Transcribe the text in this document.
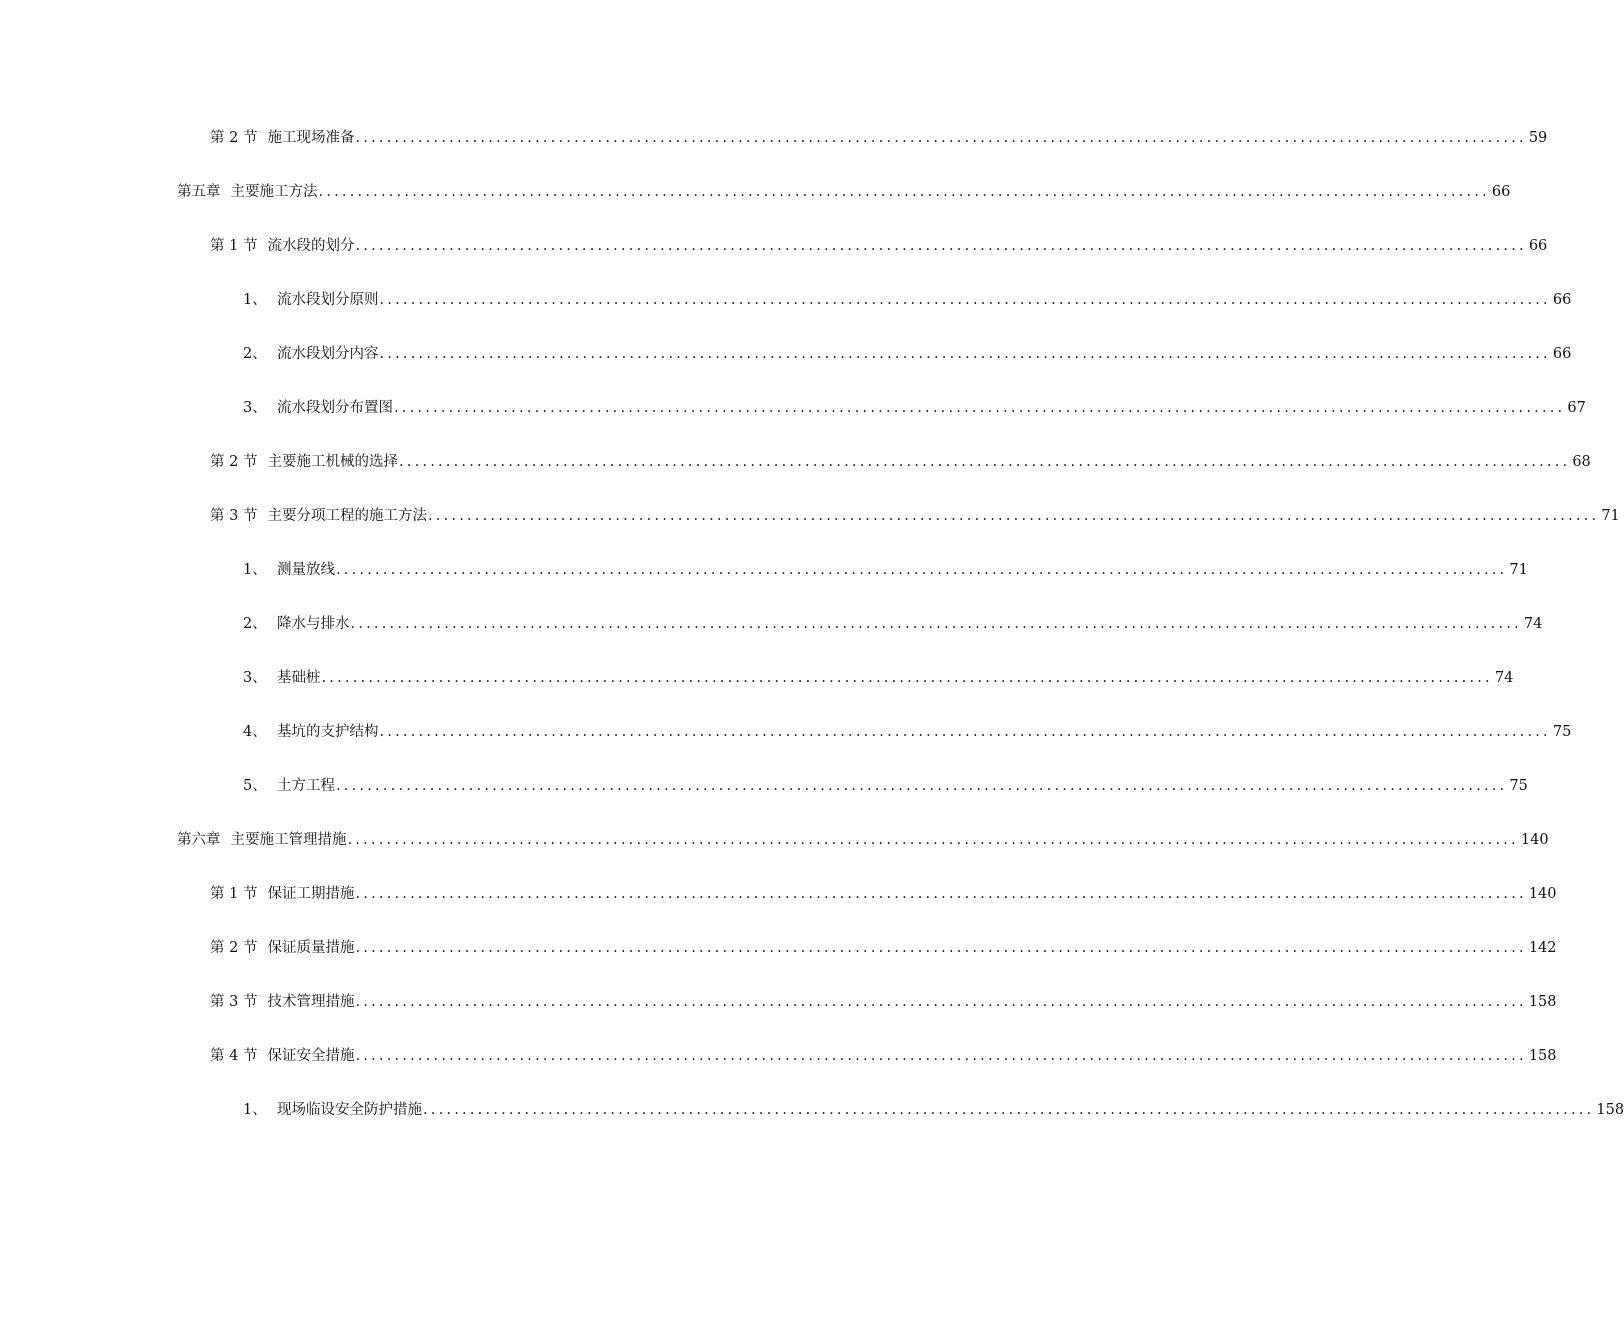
第 2 节 施工现场准备 ...................................................................................................................................................... 59
第五章 主要施工方法 ...................................................................................................................................................... 66
第 1 节 流水段的划分 ...................................................................................................................................................... 66
1、 流水段划分原则 ...................................................................................................................................................... 66
2、 流水段划分内容 ...................................................................................................................................................... 66
3、 流水段划分布置图 ...................................................................................................................................................... 67
第 2 节 主要施工机械的选择 ...................................................................................................................................................... 68
第 3 节 主要分项工程的施工方法 ...................................................................................................................................................... 71
1、 测量放线 ...................................................................................................................................................... 71
2、 降水与排水 ...................................................................................................................................................... 74
3、 基础桩 ...................................................................................................................................................... 74
4、 基坑的支护结构 ...................................................................................................................................................... 75
5、 土方工程 ...................................................................................................................................................... 75
第六章 主要施工管理措施 ...................................................................................................................................................... 140
第 1 节 保证工期措施 ...................................................................................................................................................... 140
第 2 节 保证质量措施 ...................................................................................................................................................... 142
第 3 节 技术管理措施 ...................................................................................................................................................... 158
第 4 节 保证安全措施 ...................................................................................................................................................... 158
1、 现场临设安全防护措施 ...................................................................................................................................................... 158
